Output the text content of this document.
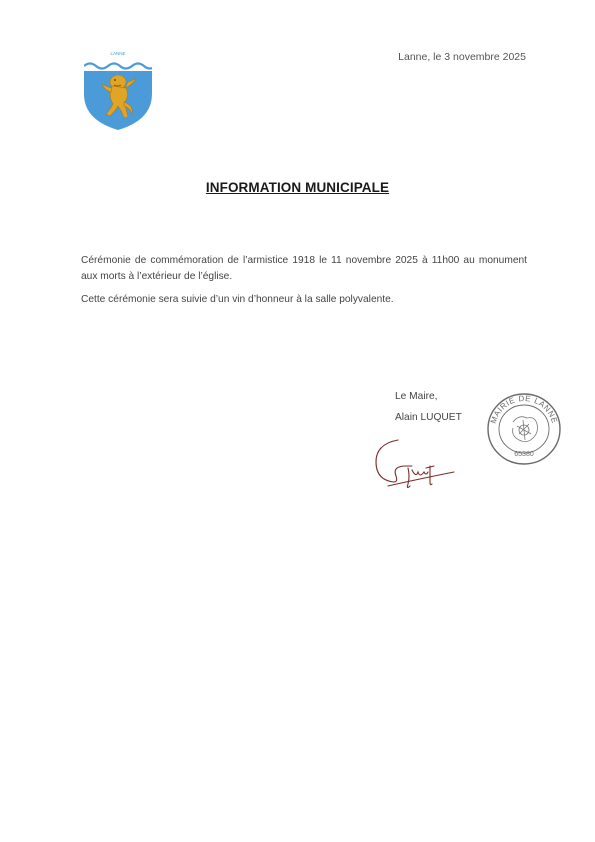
LANNE	Lanne, le 3 novembre 2025
INFORMATION MUNICIPALE

Cérémonie de commémoration de l’armistice 1918 le 11 novembre 2025 à 11h00 au monument aux morts à l’extérieur de l’église.

Cette cérémonie sera suivie d’un vin d’honneur à la salle polyvalente.

Le Maire,
Alain LUQUET	MAIRIE DE LANNE
65380
